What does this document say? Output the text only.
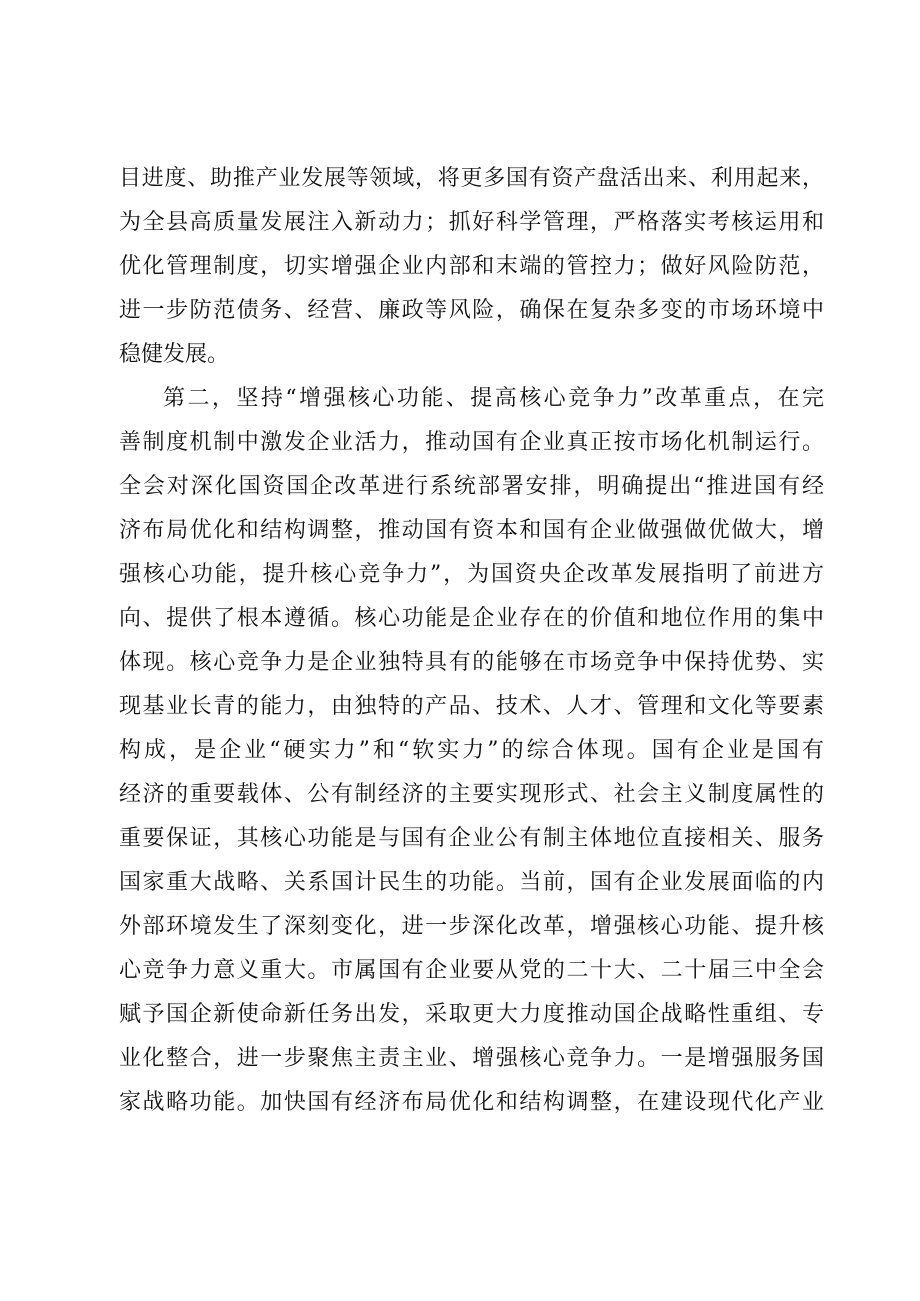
目进度、助推产业发展等领域，将更多国有资产盘活出来、利用起来，
为全县高质量发展注入新动力；抓好科学管理，严格落实考核运用和
优化管理制度，切实增强企业内部和末端的管控力；做好风险防范，
进一步防范债务、经营、廉政等风险，确保在复杂多变的市场环境中
稳健发展。
第二，坚持“增强核心功能、提高核心竞争力”改革重点，在完
善制度机制中激发企业活力，推动国有企业真正按市场化机制运行。
全会对深化国资国企改革进行系统部署安排，明确提出“推进国有经
济布局优化和结构调整，推动国有资本和国有企业做强做优做大，增
强核心功能，提升核心竞争力”，为国资央企改革发展指明了前进方
向、提供了根本遵循。核心功能是企业存在的价值和地位作用的集中
体现。核心竞争力是企业独特具有的能够在市场竞争中保持优势、实
现基业长青的能力，由独特的产品、技术、人才、管理和文化等要素
构成，是企业“硬实力”和“软实力”的综合体现。国有企业是国有
经济的重要载体、公有制经济的主要实现形式、社会主义制度属性的
重要保证，其核心功能是与国有企业公有制主体地位直接相关、服务
国家重大战略、关系国计民生的功能。当前，国有企业发展面临的内
外部环境发生了深刻变化，进一步深化改革，增强核心功能、提升核
心竞争力意义重大。市属国有企业要从党的二十大、二十届三中全会
赋予国企新使命新任务出发，采取更大力度推动国企战略性重组、专
业化整合，进一步聚焦主责主业、增强核心竞争力。一是增强服务国
家战略功能。加快国有经济布局优化和结构调整，在建设现代化产业
